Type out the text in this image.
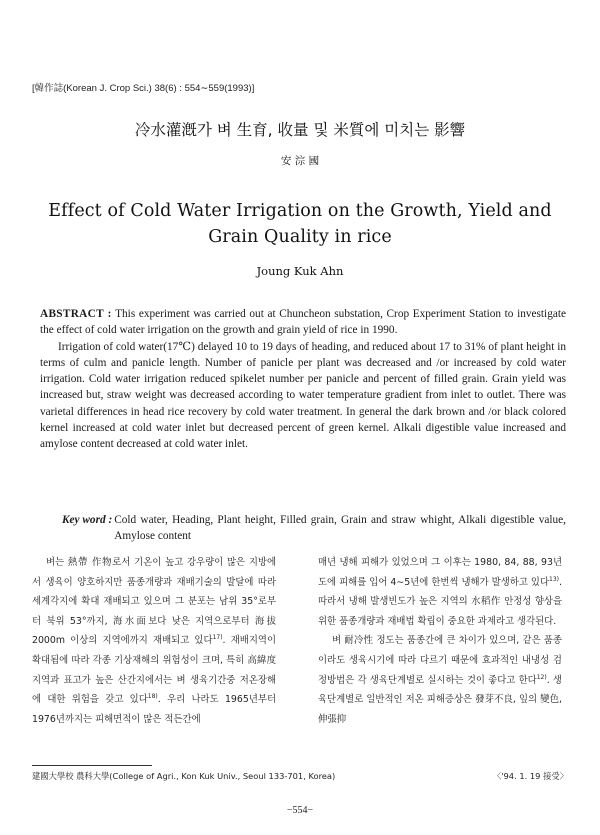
[韓作誌(Korean J. Crop Sci.) 38(6) : 554∼559(1993)]
冷水灌漑가 벼 生育, 收量 및 米質에 미치는 影響
安 淙 國
Effect of Cold Water Irrigation on the Growth, Yield and Grain Quality in rice
Joung Kuk Ahn

ABSTRACT : This experiment was carried out at Chuncheon substation, Crop Experiment Station to investigate the effect of cold water irrigation on the growth and grain yield of rice in 1990.

Irrigation of cold water(17℃) delayed 10 to 19 days of heading, and reduced about 17 to 31% of plant height in terms of culm and panicle length. Number of panicle per plant was decreased and /or increased by cold water irrigation. Cold water irrigation reduced spikelet number per panicle and percent of filled grain. Grain yield was increased but, straw weight was decreased according to water temperature gradient from inlet to outlet. There was varietal differences in head rice recovery by cold water treatment. In general the dark brown and /or black colored kernel increased at cold water inlet but decreased percent of green kernel. Alkali digestible value increased and amylose content decreased at cold water inlet.

Key word : Cold water, Heading, Plant height, Filled grain, Grain and straw whight, Alkali digestible value, Amylose content

벼는 熱帶 作物로서 기온이 높고 강우량이 많은 지방에서 생육이 양호하지만 품종개량과 재배기술의 발달에 따라 세계각지에 확대 재배되고 있으며 그 분포는 남위 35°로부터 북위 53°까지, 海水面보다 낮은 지역으로부터 海拔 2000m 이상의 지역에까지 재배되고 있다$^{17)}$. 재배지역이 확대됨에 따라 각종 기상재해의 위험성이 크며, 특히 高緯度지역과 표고가 높은 산간지에서는 벼 생육기간중 저온장해에 대한 위험을 갖고 있다$^{18)}$. 우리 나라도 1965년부터 1976년까지는 피해면적이 많은 적든간에

매년 냉해 피해가 있었으며 그 이후는 1980, 84, 88, 93년도에 피해를 입어 4∼5년에 한번씩 냉해가 발생하고 있다$^{13)}$. 따라서 냉해 발생빈도가 높은 지역의 水稻作 안정성 향상을 위한 품종개량과 재배법 확립이 중요한 과제라고 생각된다.

벼 耐冷性 정도는 품종간에 큰 차이가 있으며, 같은 품종이라도 생육시기에 따라 다르기 때문에 효과적인 내냉성 검정방법은 각 생육단계별로 실시하는 것이 좋다고 한다$^{12)}$. 생육단계별로 일반적인 저온 피해증상은 發芽不良, 잎의 變色, 伸張抑

建國大學校 農科大學(College of Agri., Kon Kuk Univ., Seoul 133-701, Korea)	〈'94. 1. 19 接受〉
−554−
